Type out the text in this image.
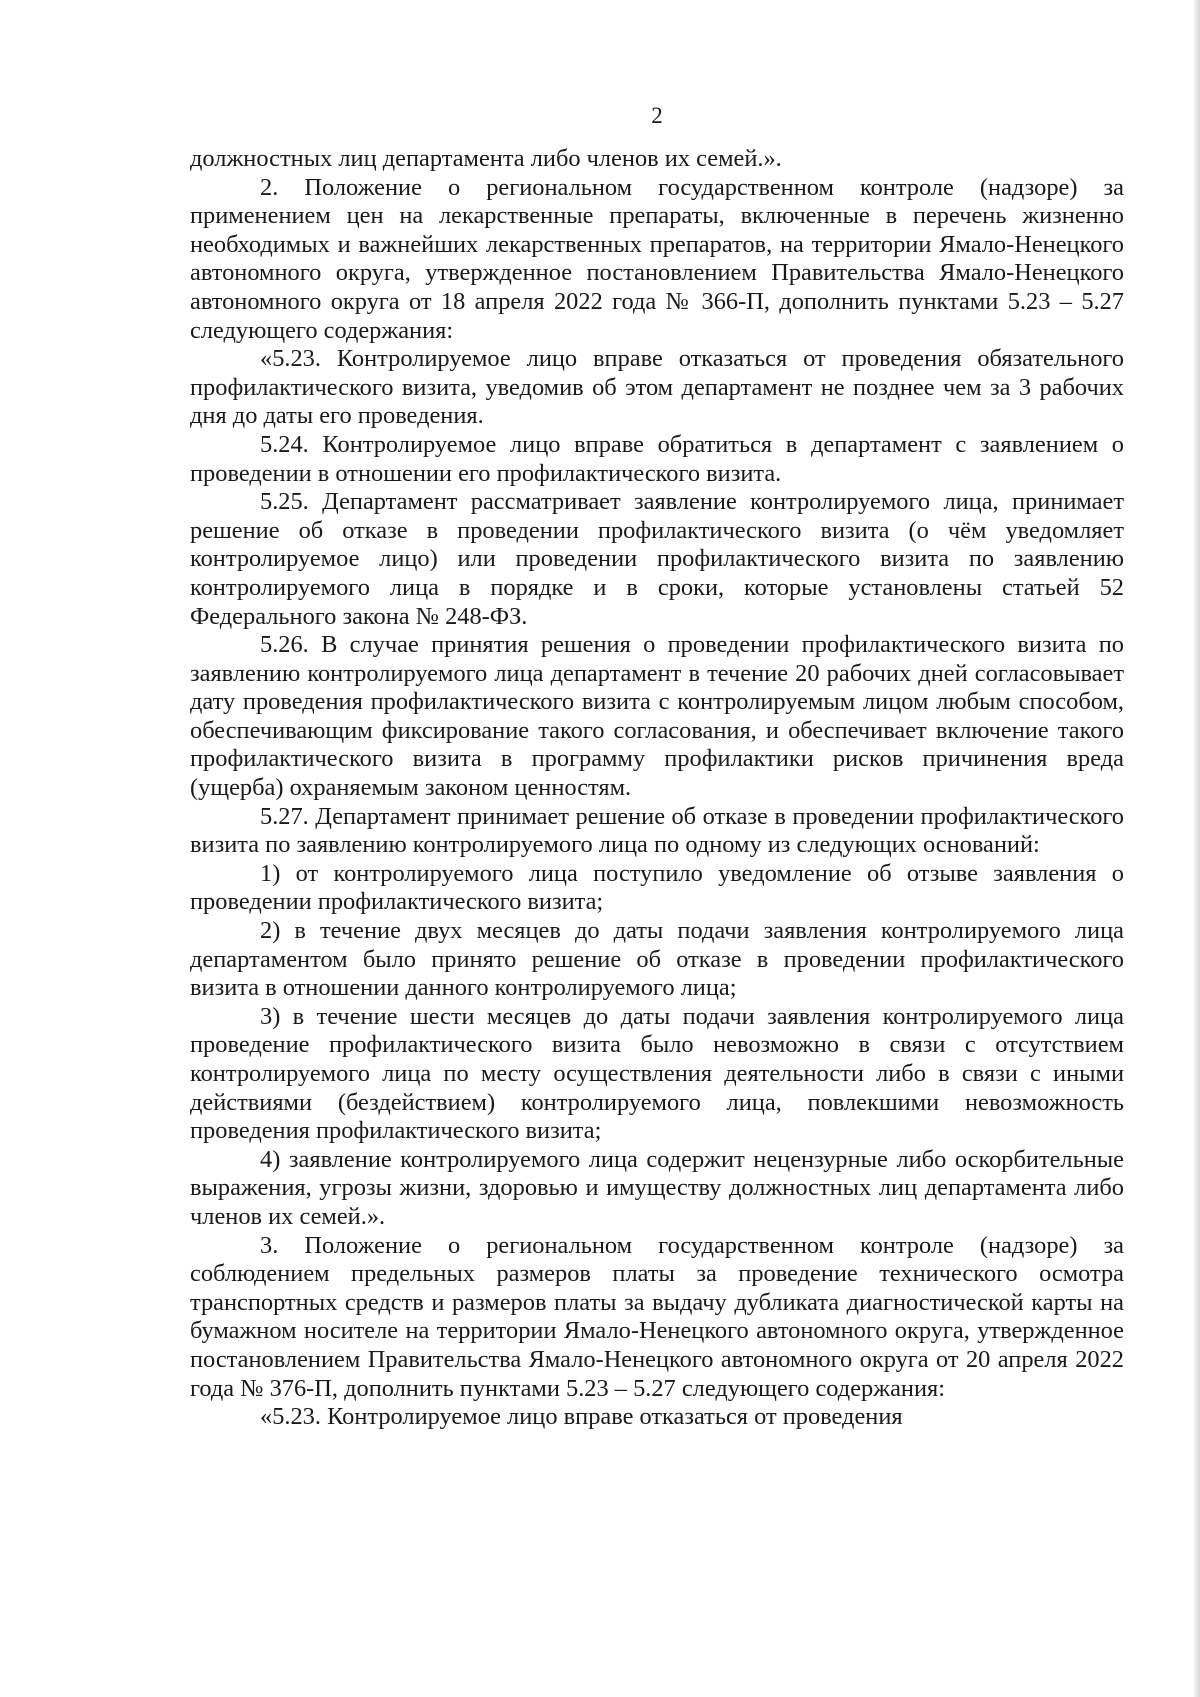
2

должностных лиц департамента либо членов их семей.».

2. Положение о региональном государственном контроле (надзоре) за применением цен на лекарственные препараты, включенные в перечень жизненно необходимых и важнейших лекарственных препаратов, на территории Ямало-Ненецкого автономного округа, утвержденное постановлением Правительства Ямало-Ненецкого автономного округа от 18 апреля 2022 года № 366-П, дополнить пунктами 5.23 – 5.27 следующего содержания:

«5.23. Контролируемое лицо вправе отказаться от проведения обязательного профилактического визита, уведомив об этом департамент не позднее чем за 3 рабочих дня до даты его проведения.

5.24. Контролируемое лицо вправе обратиться в департамент с заявлением о проведении в отношении его профилактического визита.

5.25. Департамент рассматривает заявление контролируемого лица, принимает решение об отказе в проведении профилактического визита (о чём уведомляет контролируемое лицо) или проведении профилактического визита по заявлению контролируемого лица в порядке и в сроки, которые установлены статьей 52 Федерального закона № 248-ФЗ.

5.26. В случае принятия решения о проведении профилактического визита по заявлению контролируемого лица департамент в течение 20 рабочих дней согласовывает дату проведения профилактического визита с контролируемым лицом любым способом, обеспечивающим фиксирование такого согласования, и обеспечивает включение такого профилактического визита в программу профилактики рисков причинения вреда (ущерба) охраняемым законом ценностям.

5.27. Департамент принимает решение об отказе в проведении профилактического визита по заявлению контролируемого лица по одному из следующих оснований:

1) от контролируемого лица поступило уведомление об отзыве заявления о проведении профилактического визита;

2) в течение двух месяцев до даты подачи заявления контролируемого лица департаментом было принято решение об отказе в проведении профилактического визита в отношении данного контролируемого лица;

3) в течение шести месяцев до даты подачи заявления контролируемого лица проведение профилактического визита было невозможно в связи с отсутствием контролируемого лица по месту осуществления деятельности либо в связи с иными действиями (бездействием) контролируемого лица, повлекшими невозможность проведения профилактического визита;

4) заявление контролируемого лица содержит нецензурные либо оскорбительные выражения, угрозы жизни, здоровью и имуществу должностных лиц департамента либо членов их семей.».

3. Положение о региональном государственном контроле (надзоре) за соблюдением предельных размеров платы за проведение технического осмотра транспортных средств и размеров платы за выдачу дубликата диагностической карты на бумажном носителе на территории Ямало-Ненецкого автономного округа, утвержденное постановлением Правительства Ямало-Ненецкого автономного округа от 20 апреля 2022 года № 376-П, дополнить пунктами 5.23 – 5.27 следующего содержания:

«5.23. Контролируемое лицо вправе отказаться от проведения
